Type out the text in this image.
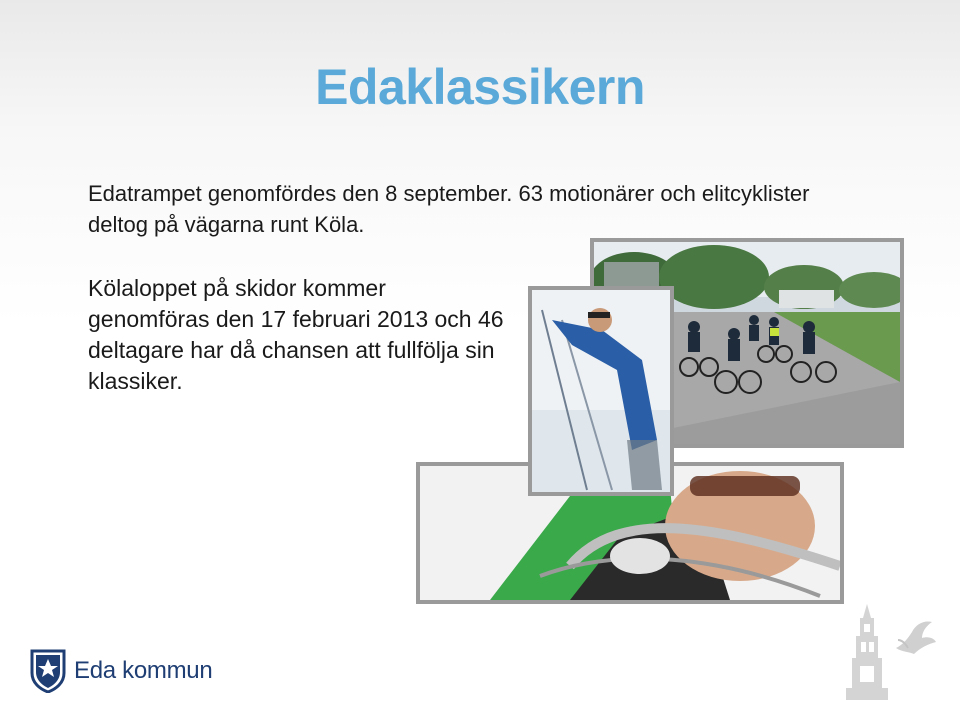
Edaklassikern
Edatrampet genomfördes den 8 september. 63 motionärer och elitcyklister deltog på vägarna runt Köla.
Kölaloppet på skidor kommer genomföras den 17 februari 2013 och 46 deltagare har då chansen att fullfölja sin klassiker.
Eda kommun
